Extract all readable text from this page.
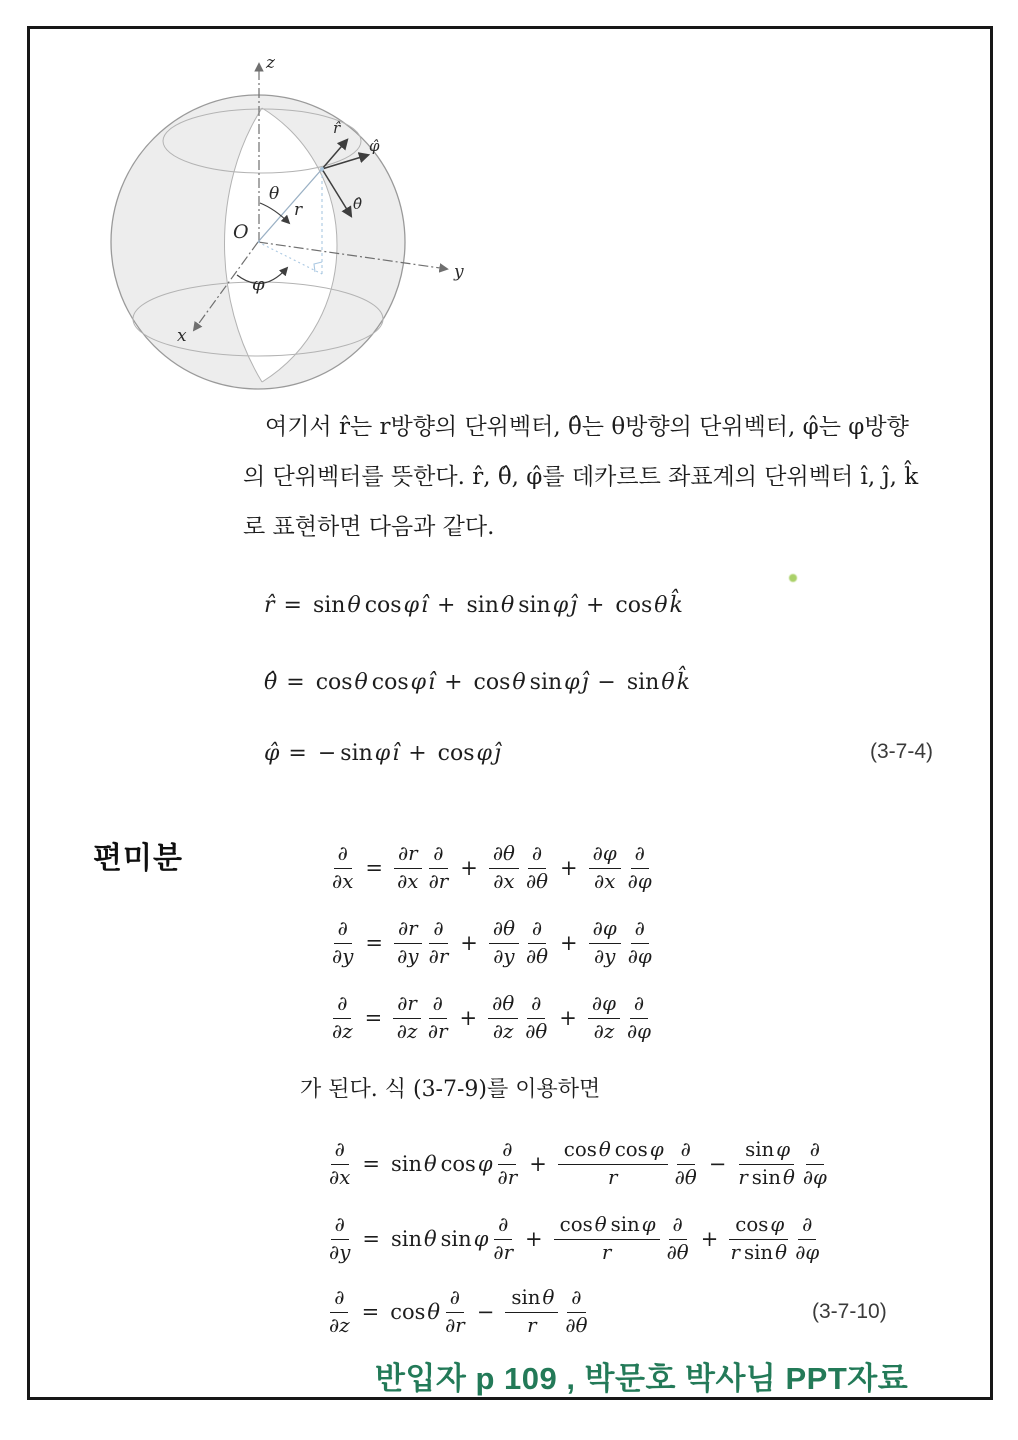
z
y
x
O
θ
r
φ
r̂
φ̂
θ̂
여기서 r̂는 r방향의 단위벡터, θ̂는 θ방향의 단위벡터, φ̂는 φ방향
의 단위벡터를 뜻한다. r̂, θ̂, φ̂를 데카르트 좌표계의 단위벡터 î, ĵ, k̂
로 표현하면 다음과 같다.
r̂ = sin θ cos φ î + sin θ sin φ ĵ + cos θ k̂
θ̂ = cos θ cos φ î + cos θ sin φ ĵ − sin θ k̂
φ̂ = − sin φ î + cos φ ĵ	(3-7-4)
편미분	$\frac{\partial}{\partial x} = \frac{\partial r}{\partial x} \frac{\partial}{\partial r} + \frac{\partial\theta}{\partial x} \frac{\partial}{\partial\theta} + \frac{\partial\varphi}{\partial x} \frac{\partial}{\partial\varphi}$
$\frac{\partial}{\partial y} = \frac{\partial r}{\partial y} \frac{\partial}{\partial r} + \frac{\partial\theta}{\partial y} \frac{\partial}{\partial\theta} + \frac{\partial\varphi}{\partial y} \frac{\partial}{\partial\varphi}$
$\frac{\partial}{\partial z} = \frac{\partial r}{\partial z} \frac{\partial}{\partial r} + \frac{\partial\theta}{\partial z} \frac{\partial}{\partial\theta} + \frac{\partial\varphi}{\partial z} \frac{\partial}{\partial\varphi}$
가 된다. 식 (3-7-9)를 이용하면
$\frac{\partial}{\partial x} = \sin \theta$ cos φ $\frac{\partial}{\partial r} + \frac{\text{cos θ cos φ}}{r} \frac{\partial}{\partial\theta} - \frac{\text{sin φ}}{\text{r sin θ}} \frac{\partial}{\partial\varphi}$
$\frac{\partial}{\partial y} = \sin \theta$ sin φ $\frac{\partial}{\partial r} + \frac{\text{cos θ sin φ}}{r} \frac{\partial}{\partial\theta} + \frac{\text{cos φ}}{\text{r sin θ}} \frac{\partial}{\partial\varphi}$
$\frac{\partial}{\partial z} = \cos \theta \frac{\partial}{\partial r} - \frac{\text{sin θ}}{r} \frac{\partial}{\partial\theta}$	(3-7-10)
반입자 p 109 , 박문호 박사님 PPT자료
